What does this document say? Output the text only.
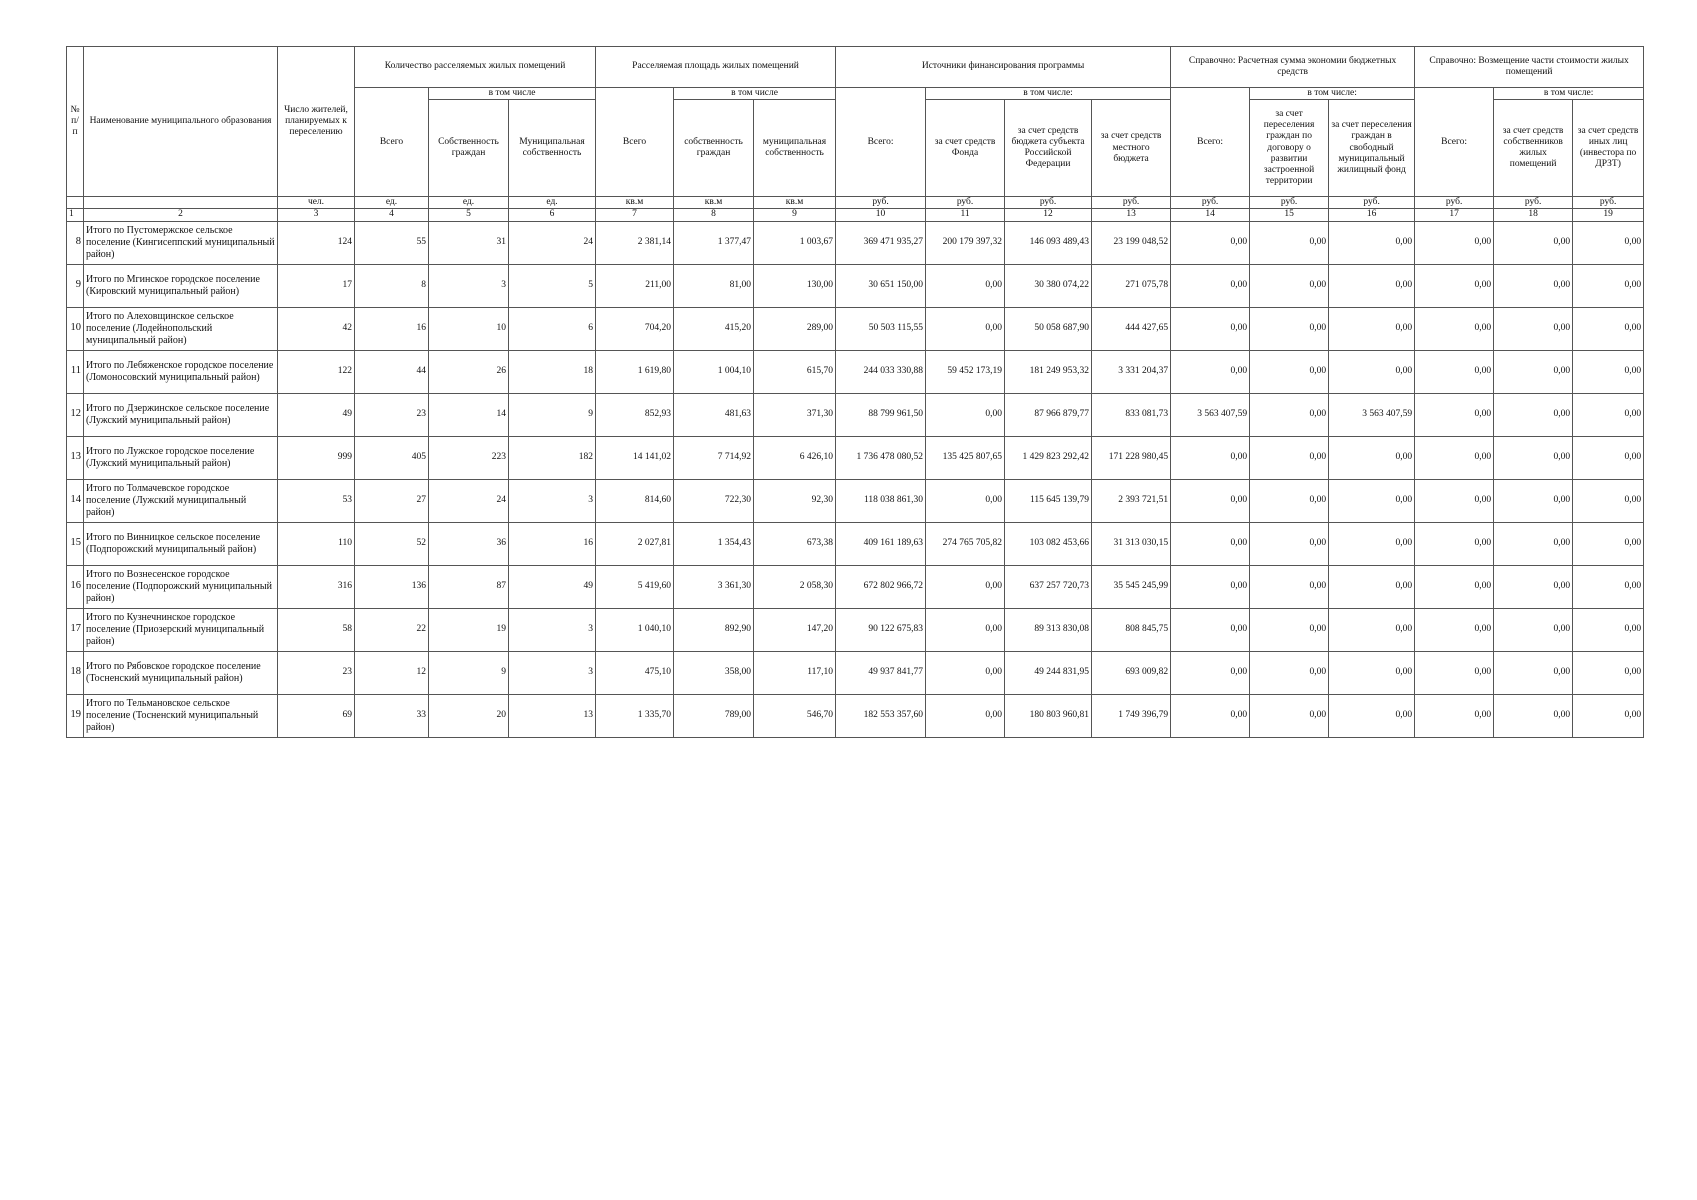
№ п/п	Наименование муниципального образования	Число жителей, планируемых к переселению	Количество расселяемых жилых помещений			Расселяемая площадь жилых помещений			Источники финансирования программы				Справочно: Расчетная сумма экономии бюджетных средств			Справочно: Возмещение части стоимости жилых помещений		
			Всего	в том числе		Всего	в том числе		Всего:	в том числе:			Всего:	в том числе:		Всего:	в том числе:	
				Собственность граждан	Муниципальная собственность		собственность граждан	муниципальная собственность		за счет средств Фонда	за счет средств бюджета субъекта Российской Федерации	за счет средств местного бюджета		за счет переселения граждан по договору о развитии застроенной территории	за счет переселения граждан в свободный муниципальный жилищный фонд		за счет средств собственников жилых помещений	за счет средств иных лиц (инвестора по ДРЗТ)
		чел.	ед.	ед.	ед.	кв.м	кв.м	кв.м	руб.	руб.	руб.	руб.	руб.	руб.	руб.	руб.	руб.	руб.
1	2	3	4	5	6	7	8	9	10	11	12	13	14	15	16	17	18	19
8	Итого по Пустомержское сельское поселение (Кингисеппский муниципальный район)	124	55	31	24	2 381,14	1 377,47	1 003,67	369 471 935,27	200 179 397,32	146 093 489,43	23 199 048,52	0,00	0,00	0,00	0,00	0,00	0,00
9	Итого по Мгинское городское поселение (Кировский муниципальный район)	17	8	3	5	211,00	81,00	130,00	30 651 150,00	0,00	30 380 074,22	271 075,78	0,00	0,00	0,00	0,00	0,00	0,00
10	Итого по Алеховщинское сельское поселение (Лодейнопольский муниципальный район)	42	16	10	6	704,20	415,20	289,00	50 503 115,55	0,00	50 058 687,90	444 427,65	0,00	0,00	0,00	0,00	0,00	0,00
11	Итого по Лебяженское городское поселение (Ломоносовский муниципальный район)	122	44	26	18	1 619,80	1 004,10	615,70	244 033 330,88	59 452 173,19	181 249 953,32	3 331 204,37	0,00	0,00	0,00	0,00	0,00	0,00
12	Итого по Дзержинское сельское поселение (Лужский муниципальный район)	49	23	14	9	852,93	481,63	371,30	88 799 961,50	0,00	87 966 879,77	833 081,73	3 563 407,59	0,00	3 563 407,59	0,00	0,00	0,00
13	Итого по Лужское городское поселение (Лужский муниципальный район)	999	405	223	182	14 141,02	7 714,92	6 426,10	1 736 478 080,52	135 425 807,65	1 429 823 292,42	171 228 980,45	0,00	0,00	0,00	0,00	0,00	0,00
14	Итого по Толмачевское городское поселение (Лужский муниципальный район)	53	27	24	3	814,60	722,30	92,30	118 038 861,30	0,00	115 645 139,79	2 393 721,51	0,00	0,00	0,00	0,00	0,00	0,00
15	Итого по Винницкое сельское поселение (Подпорожский муниципальный район)	110	52	36	16	2 027,81	1 354,43	673,38	409 161 189,63	274 765 705,82	103 082 453,66	31 313 030,15	0,00	0,00	0,00	0,00	0,00	0,00
16	Итого по Вознесенское городское поселение (Подпорожский муниципальный район)	316	136	87	49	5 419,60	3 361,30	2 058,30	672 802 966,72	0,00	637 257 720,73	35 545 245,99	0,00	0,00	0,00	0,00	0,00	0,00
17	Итого по Кузнечнинское городское поселение (Приозерский муниципальный район)	58	22	19	3	1 040,10	892,90	147,20	90 122 675,83	0,00	89 313 830,08	808 845,75	0,00	0,00	0,00	0,00	0,00	0,00
18	Итого по Рябовское городское поселение (Тосненский муниципальный район)	23	12	9	3	475,10	358,00	117,10	49 937 841,77	0,00	49 244 831,95	693 009,82	0,00	0,00	0,00	0,00	0,00	0,00
19	Итого по Тельмановское сельское поселение (Тосненский муниципальный район)	69	33	20	13	1 335,70	789,00	546,70	182 553 357,60	0,00	180 803 960,81	1 749 396,79	0,00	0,00	0,00	0,00	0,00	0,00
